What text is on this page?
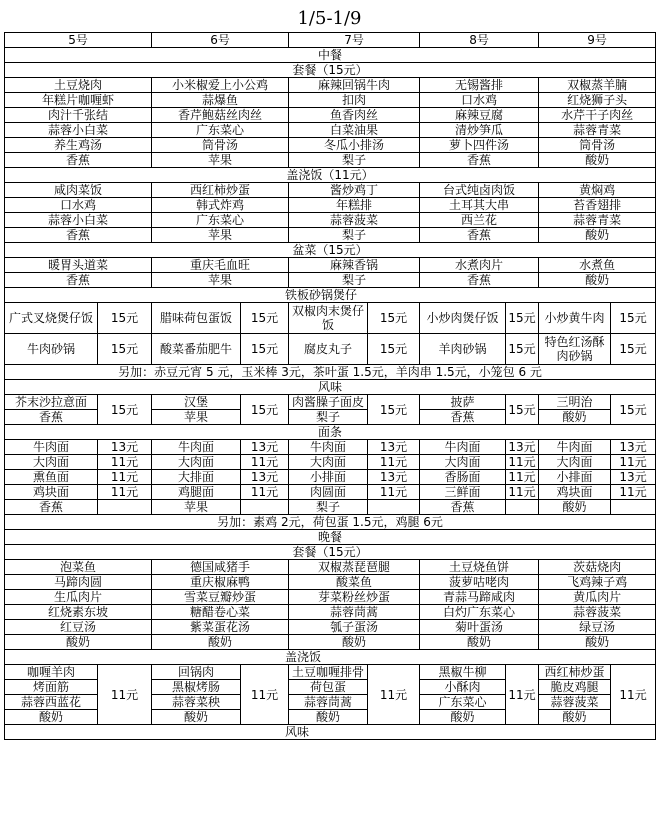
1/5-1/9
5号		6号		7号		8号		9号	
中餐									
套餐（15元）									
土豆烧肉		小米椒爱上小公鸡		麻辣回锅牛肉		无锡酱排		双椒蒸羊腩	
年糕片咖喱虾		蒜爆鱼		扣肉		口水鸡		红烧狮子头	
肉汁千张结		香芹鲍菇丝肉丝		鱼香肉丝		麻辣豆腐		水芹干子肉丝	
蒜蓉小白菜		广东菜心		白菜油果		清炒笋瓜		蒜蓉青菜	
养生鸡汤		筒骨汤		冬瓜小排汤		萝卜四件汤		筒骨汤	
香蕉		苹果		梨子		香蕉		酸奶	
盖浇饭（11元）									
咸肉菜饭		西红柿炒蛋		酱炒鸡丁		台式纯卤肉饭		黄焖鸡	
口水鸡		韩式炸鸡		年糕排		土耳其大串		苔香翅排	
蒜蓉小白菜		广东菜心		蒜蓉菠菜		西兰花		蒜蓉青菜	
香蕉		苹果		梨子		香蕉		酸奶	
盆菜（15元）									
暖胃头道菜		重庆毛血旺		麻辣香锅		水煮肉片		水煮鱼	
香蕉		苹果		梨子		香蕉		酸奶	
铁板砂锅煲仔									
广式叉烧煲仔饭	15元	腊味荷包蛋饭	15元	双椒肉末煲仔饭	15元	小炒肉煲仔饭	15元	小炒黄牛肉	15元
牛肉砂锅	15元	酸菜番茄肥牛	15元	腐皮丸子	15元	羊肉砂锅	15元	特色红汤酥肉砂锅	15元
另加：赤豆元宵 5 元，玉米棒 3元，茶叶蛋 1.5元，羊肉串 1.5元，小笼包 6 元									
风味									
芥末沙拉意面	15元	汉堡	15元	肉酱臊子面皮	15元	披萨	15元	三明治	15元
香蕉		苹果		梨子		香蕉		酸奶	
面条									
牛肉面	13元	牛肉面	13元	牛肉面	13元	牛肉面	13元	牛肉面	13元
大肉面	11元	大肉面	11元	大肉面	11元	大肉面	11元	大肉面	11元
熏鱼面	11元	大排面	13元	小排面	13元	香肠面	11元	小排面	13元
鸡块面	11元	鸡腿面	11元	肉圆面	11元	三鲜面	11元	鸡块面	11元
香蕉		苹果		梨子		香蕉		酸奶	
另加：素鸡 2元，荷包蛋 1.5元，鸡腿 6元									
晚餐									
套餐（15元）									
泡菜鱼		德国咸猪手		双椒蒸琵琶腿		土豆烧鱼饼		茨菇烧肉	
马蹄肉圆		重庆椒麻鸭		酸菜鱼		菠萝咕咾肉		飞鸡辣子鸡	
生瓜肉片		雪菜豆瓣炒蛋		芽菜粉丝炒蛋		青蒜马蹄咸肉		黄瓜肉片	
红烧素东坡		糖醋卷心菜		蒜蓉茼蒿		白灼广东菜心		蒜蓉菠菜	
红豆汤		紫菜蛋花汤		瓠子蛋汤		菊叶蛋汤		绿豆汤	
酸奶		酸奶		酸奶		酸奶		酸奶	
盖浇饭									
咖喱羊肉	11元	回锅肉	11元	土豆咖喱排骨	11元	黑椒牛柳	11元	西红柿炒蛋	11元
烤面筋		黑椒烤肠		荷包蛋		小酥肉		脆皮鸡腿	
蒜蓉西蓝花		蒜蓉菜秧		蒜蓉茼蒿		广东菜心		蒜蓉菠菜	
酸奶		酸奶		酸奶		酸奶		酸奶	
风味									
